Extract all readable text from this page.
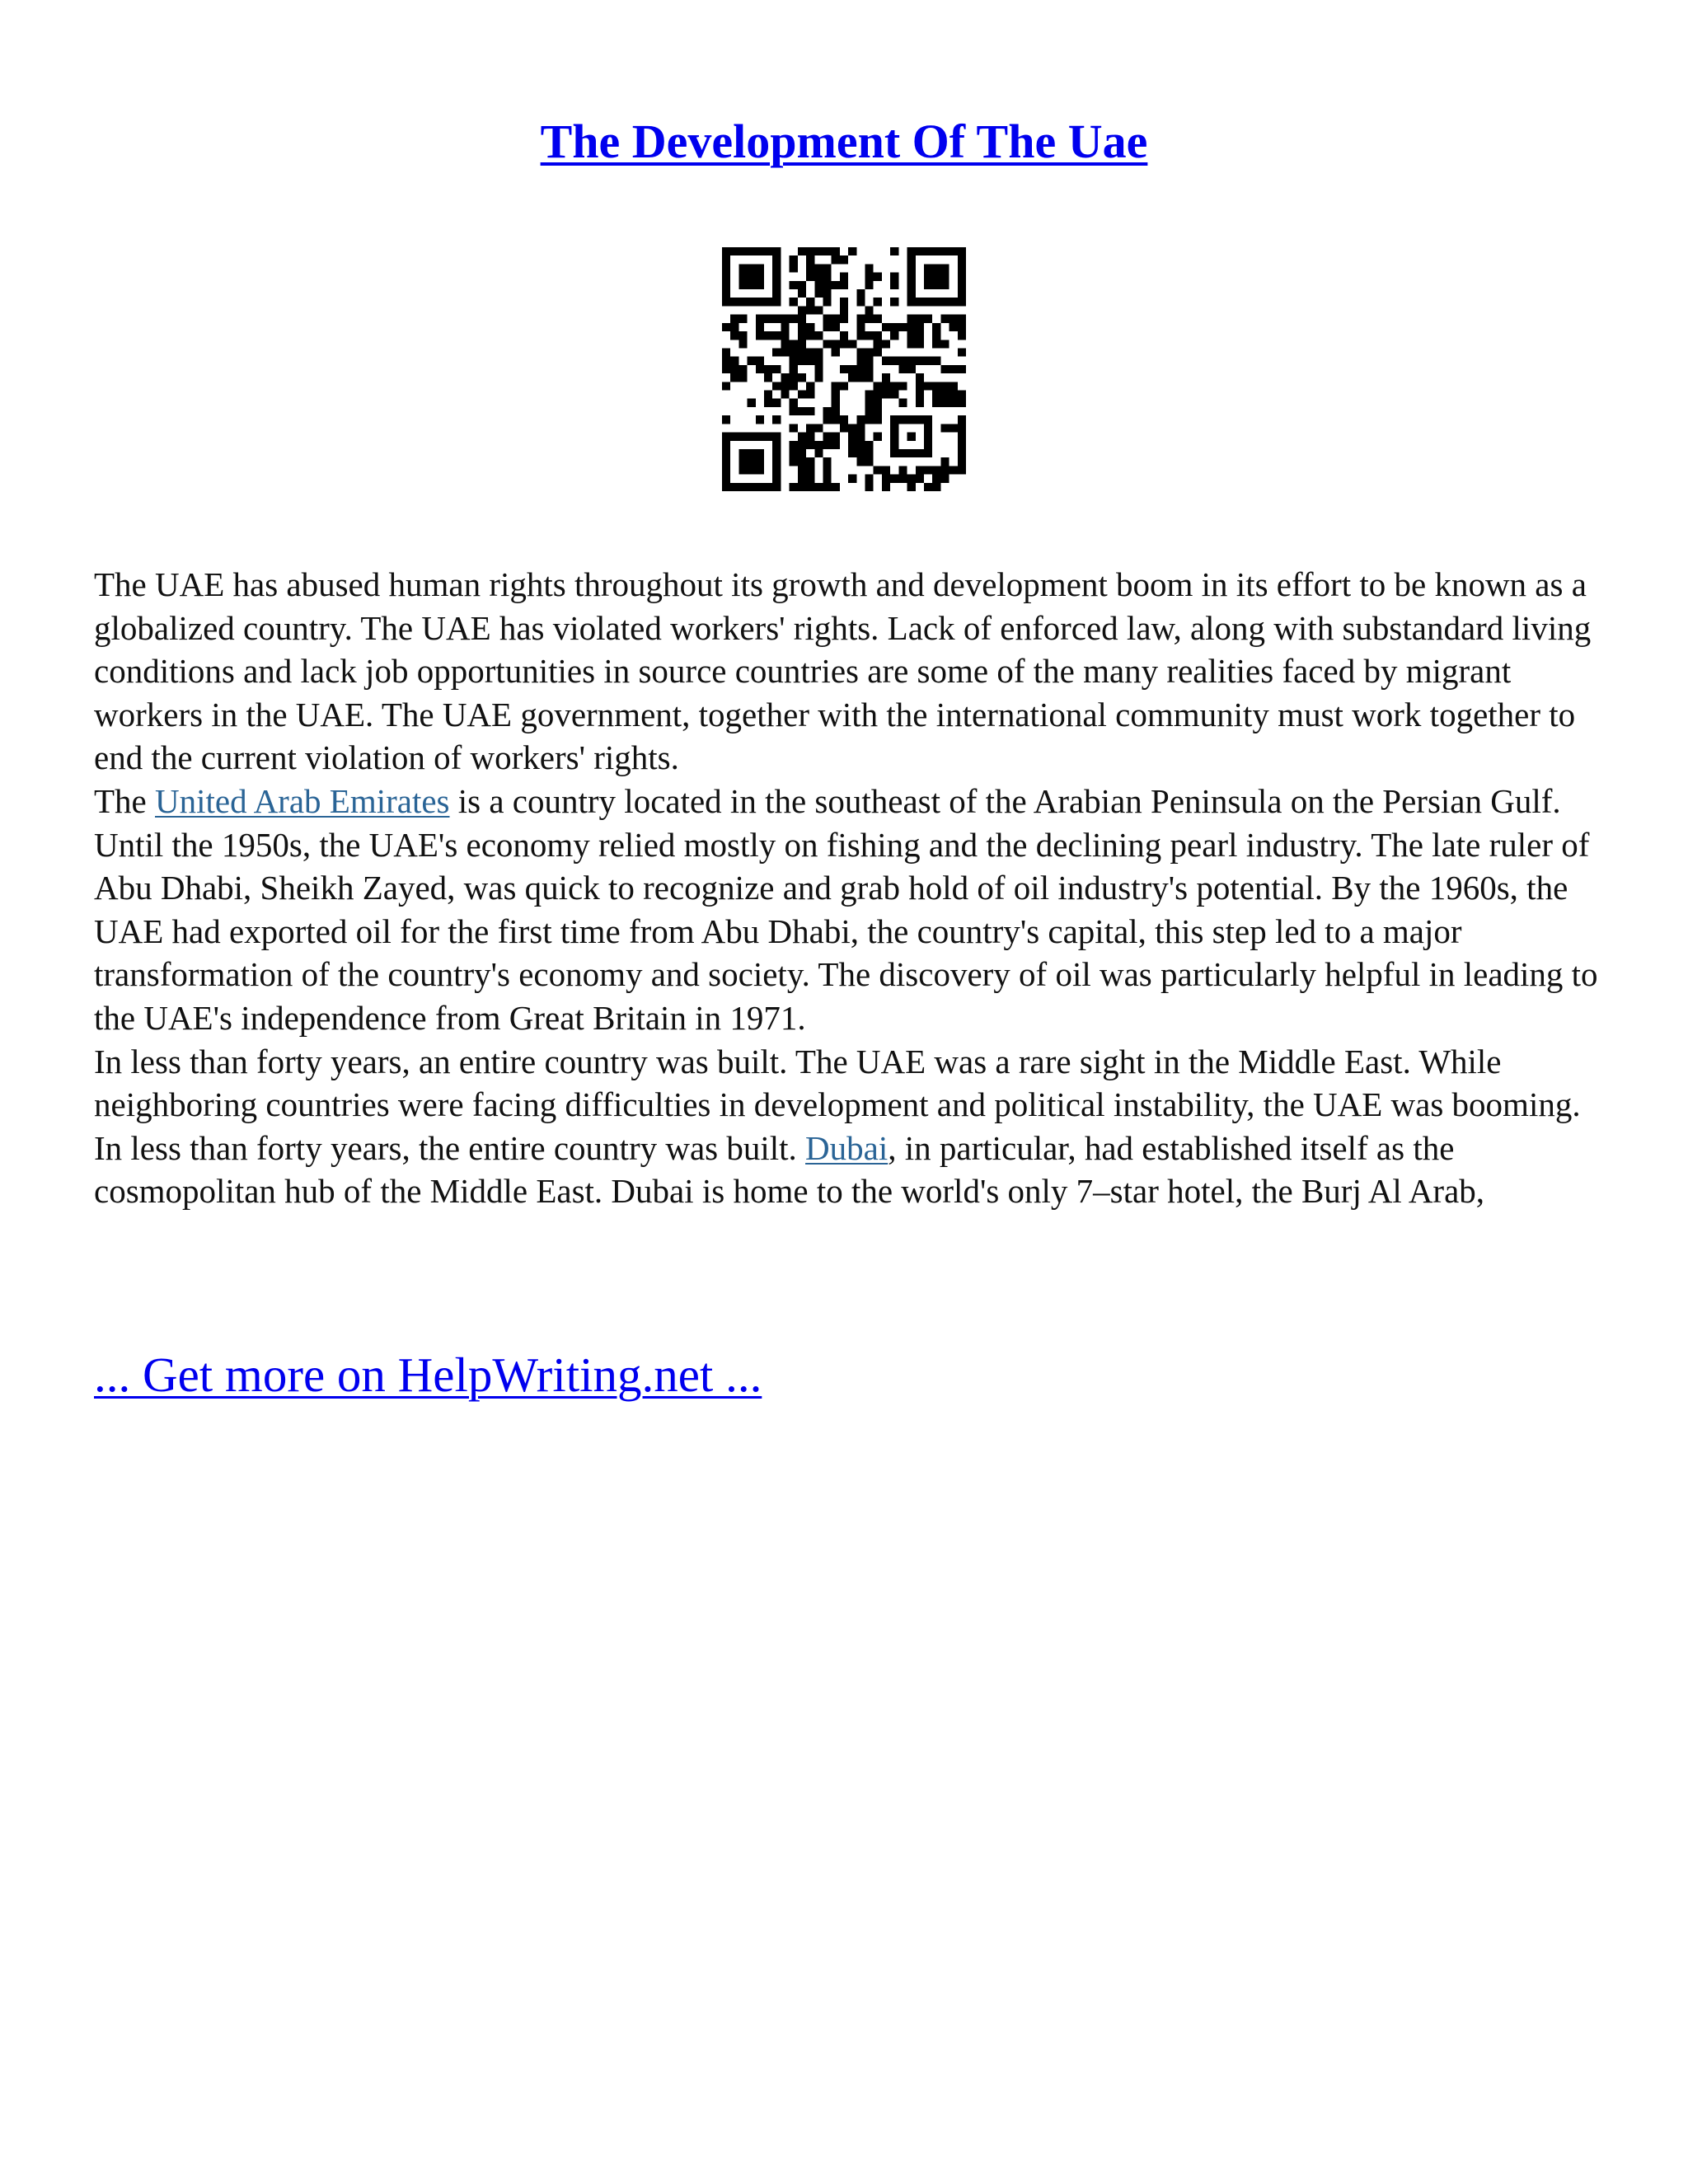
The Development Of The Uae

The UAE has abused human rights throughout its growth and development boom in its effort to be known as a globalized country. The UAE has violated workers' rights. Lack of enforced law, along with substandard living conditions and lack job opportunities in source countries are some of the many realities faced by migrant workers in the UAE. The UAE government, together with the international community must work together to end the current violation of workers' rights.

The United Arab Emirates is a country located in the southeast of the Arabian Peninsula on the Persian Gulf. Until the 1950s, the UAE's economy relied mostly on fishing and the declining pearl industry. The late ruler of Abu Dhabi, Sheikh Zayed, was quick to recognize and grab hold of oil industry's potential. By the 1960s, the UAE had exported oil for the first time from Abu Dhabi, the country's capital, this step led to a major transformation of the country's economy and society. The discovery of oil was particularly helpful in leading to the UAE's independence from Great Britain in 1971.

In less than forty years, an entire country was built. The UAE was a rare sight in the Middle East. While neighboring countries were facing difficulties in development and political instability, the UAE was booming. In less than forty years, the entire country was built. Dubai, in particular, had established itself as the cosmopolitan hub of the Middle East. Dubai is home to the world's only 7–star hotel, the Burj Al Arab,

... Get more on HelpWriting.net ...
